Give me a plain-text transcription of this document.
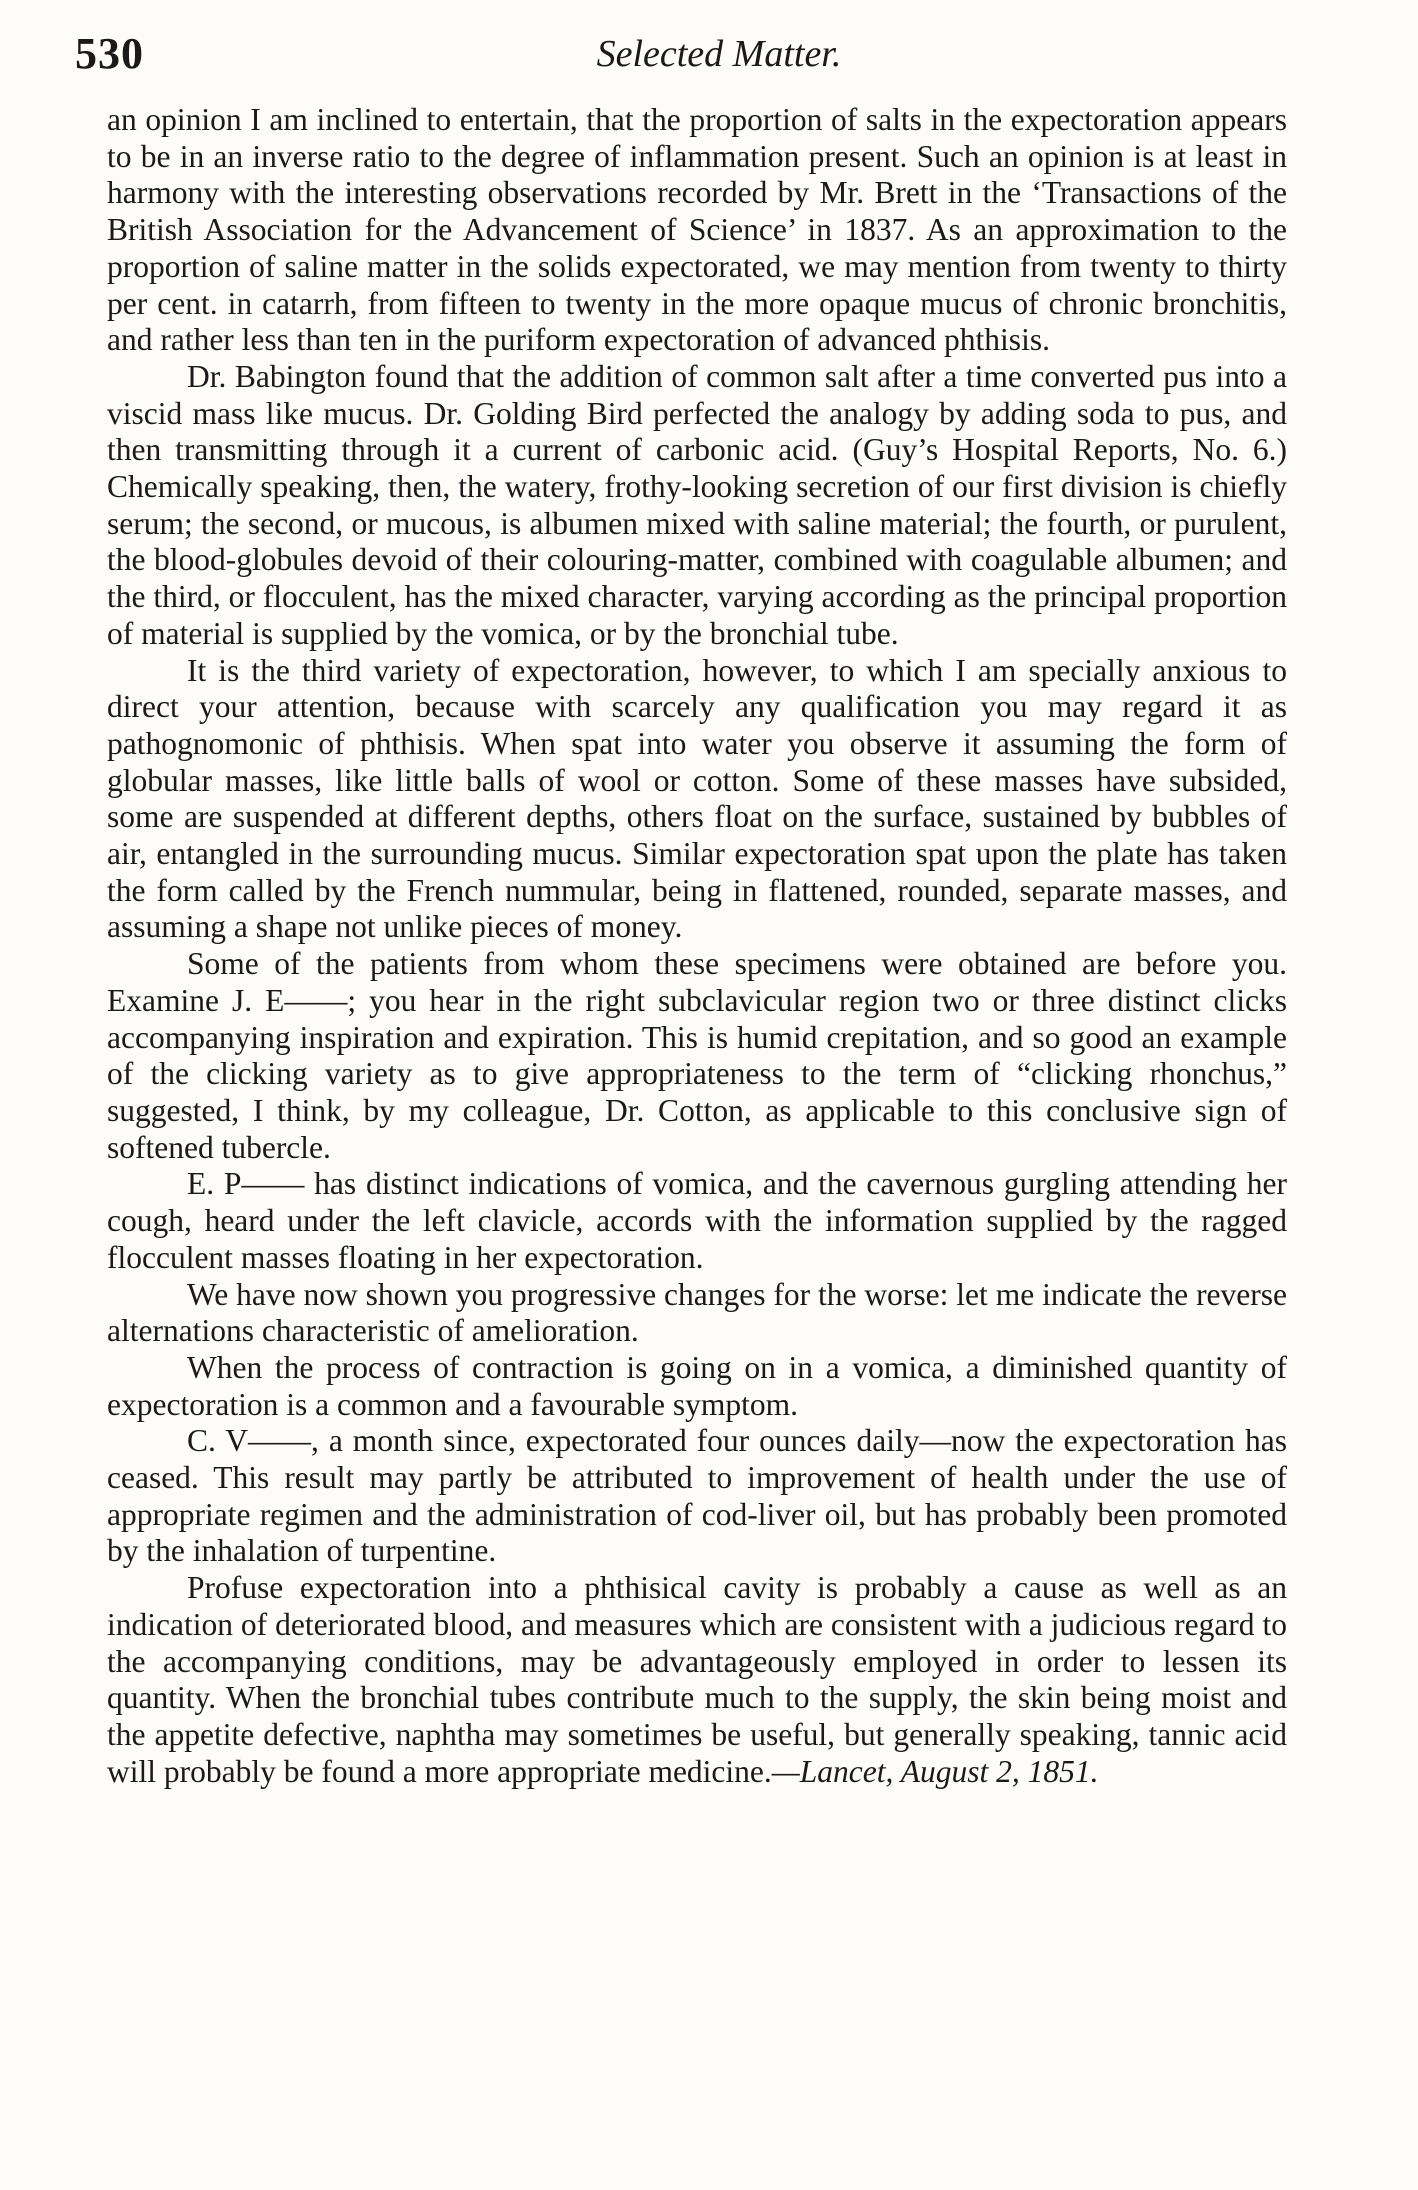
530	Selected Matter.

an opinion I am inclined to entertain, that the proportion of salts in the expectoration appears to be in an inverse ratio to the degree of inflammation present. Such an opinion is at least in harmony with the interesting observations recorded by Mr. Brett in the ‘Transactions of the British Association for the Advancement of Science’ in 1837. As an approximation to the proportion of saline matter in the solids expectorated, we may mention from twenty to thirty per cent. in catarrh, from fifteen to twenty in the more opaque mucus of chronic bronchitis, and rather less than ten in the puriform expectoration of advanced phthisis.

Dr. Babington found that the addition of common salt after a time converted pus into a viscid mass like mucus. Dr. Golding Bird perfected the analogy by adding soda to pus, and then transmitting through it a current of carbonic acid. (Guy’s Hospital Reports, No. 6.) Chemically speaking, then, the watery, frothy-looking secretion of our first division is chiefly serum; the second, or mucous, is albumen mixed with saline material; the fourth, or purulent, the blood-globules devoid of their colouring-matter, combined with coagulable albumen; and the third, or flocculent, has the mixed character, varying according as the principal proportion of material is supplied by the vomica, or by the bronchial tube.

It is the third variety of expectoration, however, to which I am specially anxious to direct your attention, because with scarcely any qualification you may regard it as pathognomonic of phthisis. When spat into water you observe it assuming the form of globular masses, like little balls of wool or cotton. Some of these masses have subsided, some are suspended at different depths, others float on the surface, sustained by bubbles of air, entangled in the surrounding mucus. Similar expectoration spat upon the plate has taken the form called by the French nummular, being in flattened, rounded, separate masses, and assuming a shape not unlike pieces of money.

Some of the patients from whom these specimens were obtained are before you. Examine J. E——; you hear in the right subclavicular region two or three distinct clicks accompanying inspiration and expiration. This is humid crepitation, and so good an example of the clicking variety as to give appropriateness to the term of “clicking rhonchus,” suggested, I think, by my colleague, Dr. Cotton, as applicable to this conclusive sign of softened tubercle.

E. P—— has distinct indications of vomica, and the cavernous gurgling attending her cough, heard under the left clavicle, accords with the information supplied by the ragged flocculent masses floating in her expectoration.

We have now shown you progressive changes for the worse: let me indicate the reverse alternations characteristic of amelioration.

When the process of contraction is going on in a vomica, a diminished quantity of expectoration is a common and a favourable symptom.

C. V——, a month since, expectorated four ounces daily—now the expectoration has ceased. This result may partly be attributed to improvement of health under the use of appropriate regimen and the administration of cod-liver oil, but has probably been promoted by the inhalation of turpentine.

Profuse expectoration into a phthisical cavity is probably a cause as well as an indication of deteriorated blood, and measures which are consistent with a judicious regard to the accompanying conditions, may be advantageously employed in order to lessen its quantity. When the bronchial tubes contribute much to the supply, the skin being moist and the appetite defective, naphtha may sometimes be useful, but generally speaking, tannic acid will probably be found a more appropriate medicine.—Lancet, August 2, 1851.
